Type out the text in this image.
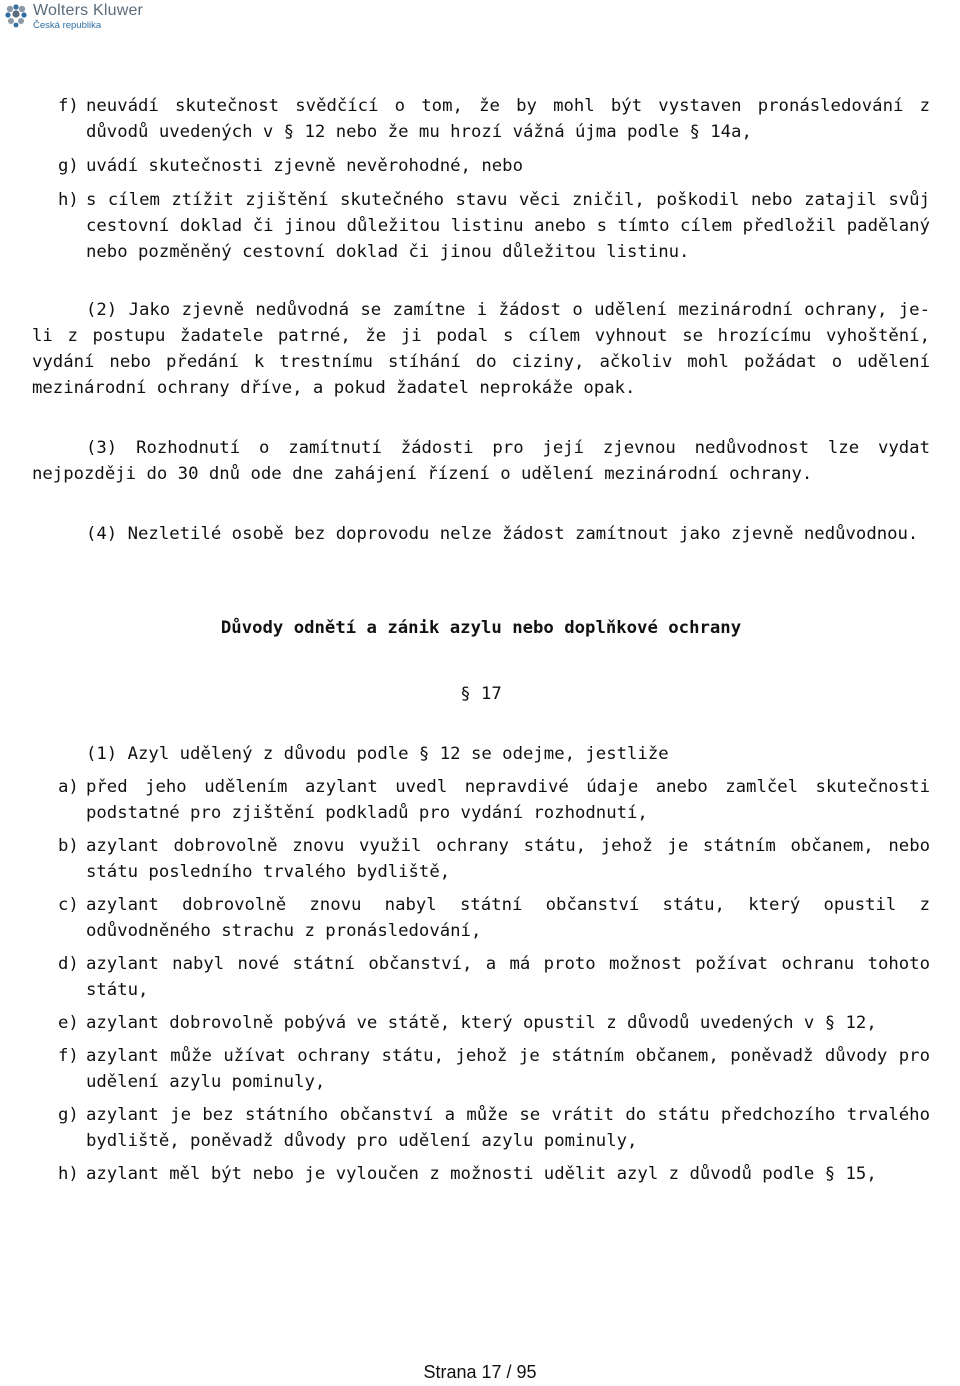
Wolters Kluwer
Česká republika
f) neuvádí skutečnost svědčící o tom, že by mohl být vystaven pronásledování z důvodů uvedených v § 12 nebo že mu hrozí vážná újma podle § 14a,
g) uvádí skutečnosti zjevně nevěrohodné, nebo
h) s cílem ztížit zjištění skutečného stavu věci zničil, poškodil nebo zatajil svůj cestovní doklad či jinou důležitou listinu anebo s tímto cílem předložil padělaný nebo pozměněný cestovní doklad či jinou důležitou listinu.

(2) Jako zjevně nedůvodná se zamítne i žádost o udělení mezinárodní ochrany, je-li z postupu žadatele patrné, že ji podal s cílem vyhnout se hrozícímu vyhoštění, vydání nebo předání k trestnímu stíhání do ciziny, ačkoliv mohl požádat o udělení mezinárodní ochrany dříve, a pokud žadatel neprokáže opak.

(3) Rozhodnutí o zamítnutí žádosti pro její zjevnou nedůvodnost lze vydat nejpozději do 30 dnů ode dne zahájení řízení o udělení mezinárodní ochrany.

(4) Nezletilé osobě bez doprovodu nelze žádost zamítnout jako zjevně nedůvodnou.

Důvody odnětí a zánik azylu nebo doplňkové ochrany

§ 17

(1) Azyl udělený z důvodu podle § 12 se odejme, jestliže

a) před jeho udělením azylant uvedl nepravdivé údaje anebo zamlčel skutečnosti podstatné pro zjištění podkladů pro vydání rozhodnutí,
b) azylant dobrovolně znovu využil ochrany státu, jehož je státním občanem, nebo státu posledního trvalého bydliště,
c) azylant dobrovolně znovu nabyl státní občanství státu, který opustil z odůvodněného strachu z pronásledování,
d) azylant nabyl nové státní občanství, a má proto možnost požívat ochranu tohoto státu,
e) azylant dobrovolně pobývá ve státě, který opustil z důvodů uvedených v § 12,
f) azylant může užívat ochrany státu, jehož je státním občanem, poněvadž důvody pro udělení azylu pominuly,
g) azylant je bez státního občanství a může se vrátit do státu předchozího trvalého bydliště, poněvadž důvody pro udělení azylu pominuly,
h) azylant měl být nebo je vyloučen z možnosti udělit azyl z důvodů podle § 15,
Strana 17 / 95
